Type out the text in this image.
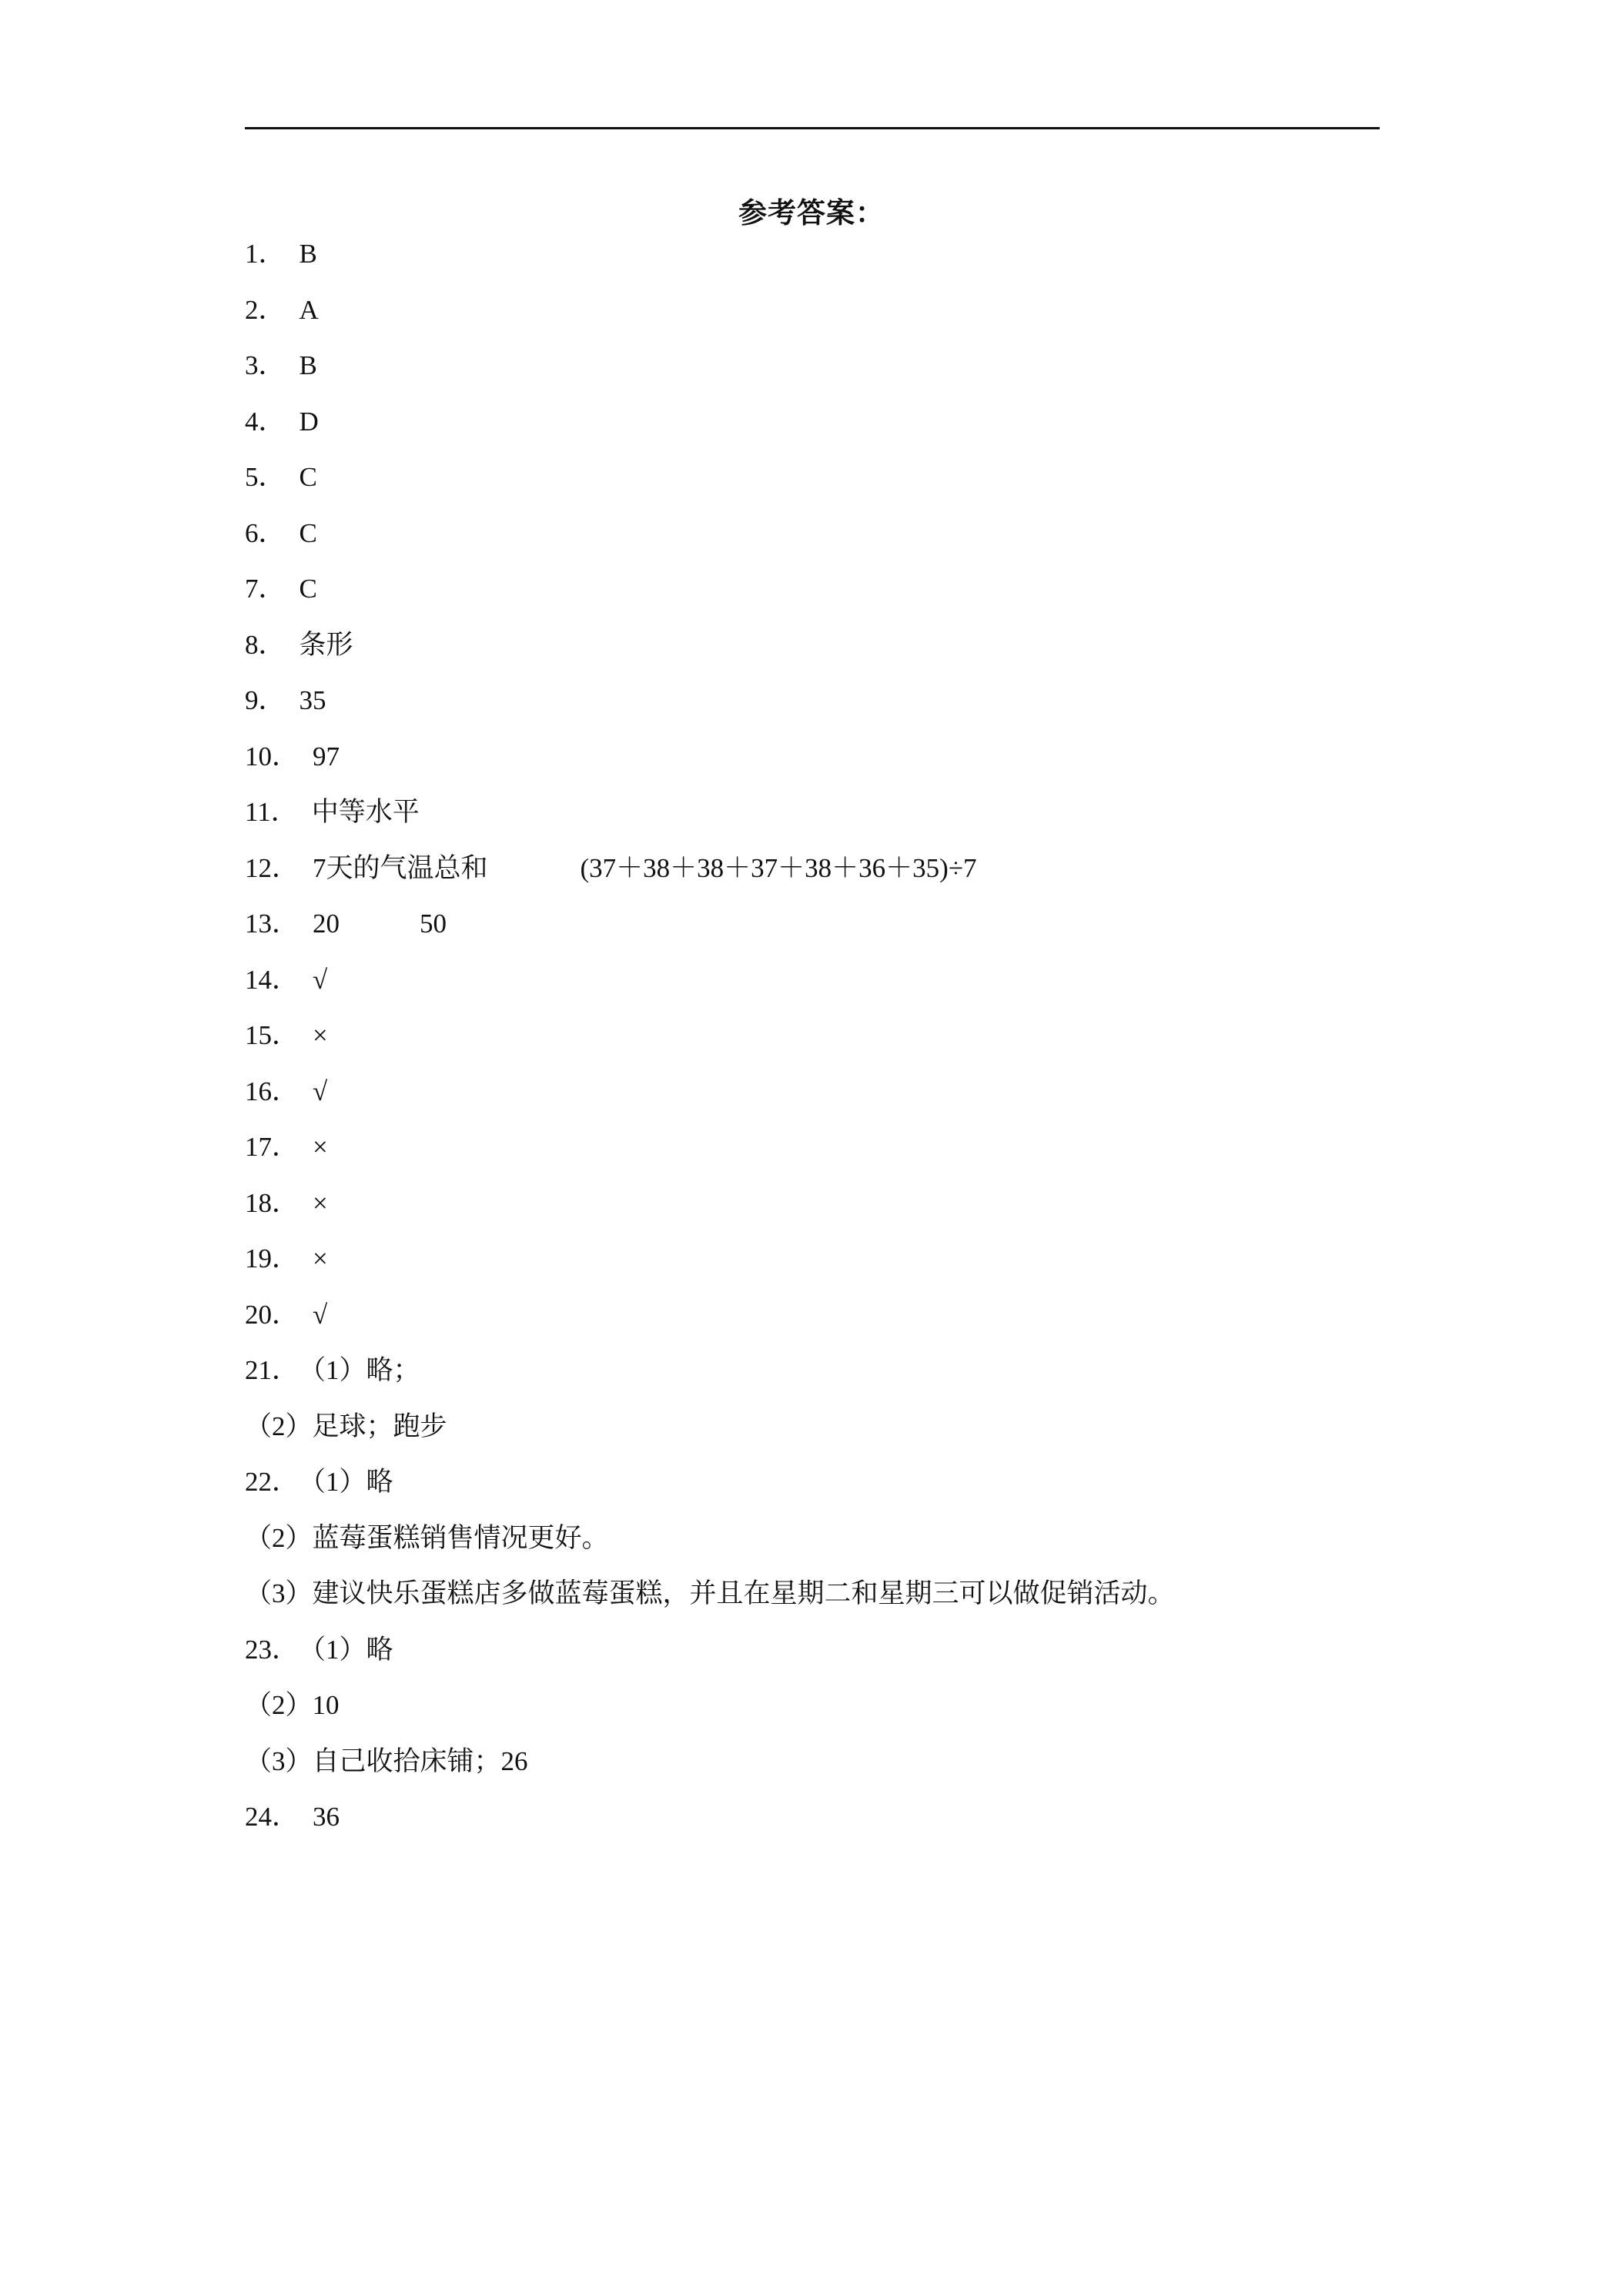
参考答案：
1． B
2． A
3． B
4． D
5． C
6． C
7． C
8． 条形
9． 35
10． 97
11． 中等水平
12． 7天的气温总和	(37＋38＋38＋37＋38＋36＋35)÷7
13． 20	50
14． √
15． ×
16． √
17． ×
18． ×
19． ×
20． √
21．（1）略；
（2）足球；跑步
22．（1）略
（2）蓝莓蛋糕销售情况更好。
（3）建议快乐蛋糕店多做蓝莓蛋糕，并且在星期二和星期三可以做促销活动。
23．（1）略
（2）10
（3）自己收拾床铺；26
24． 36
